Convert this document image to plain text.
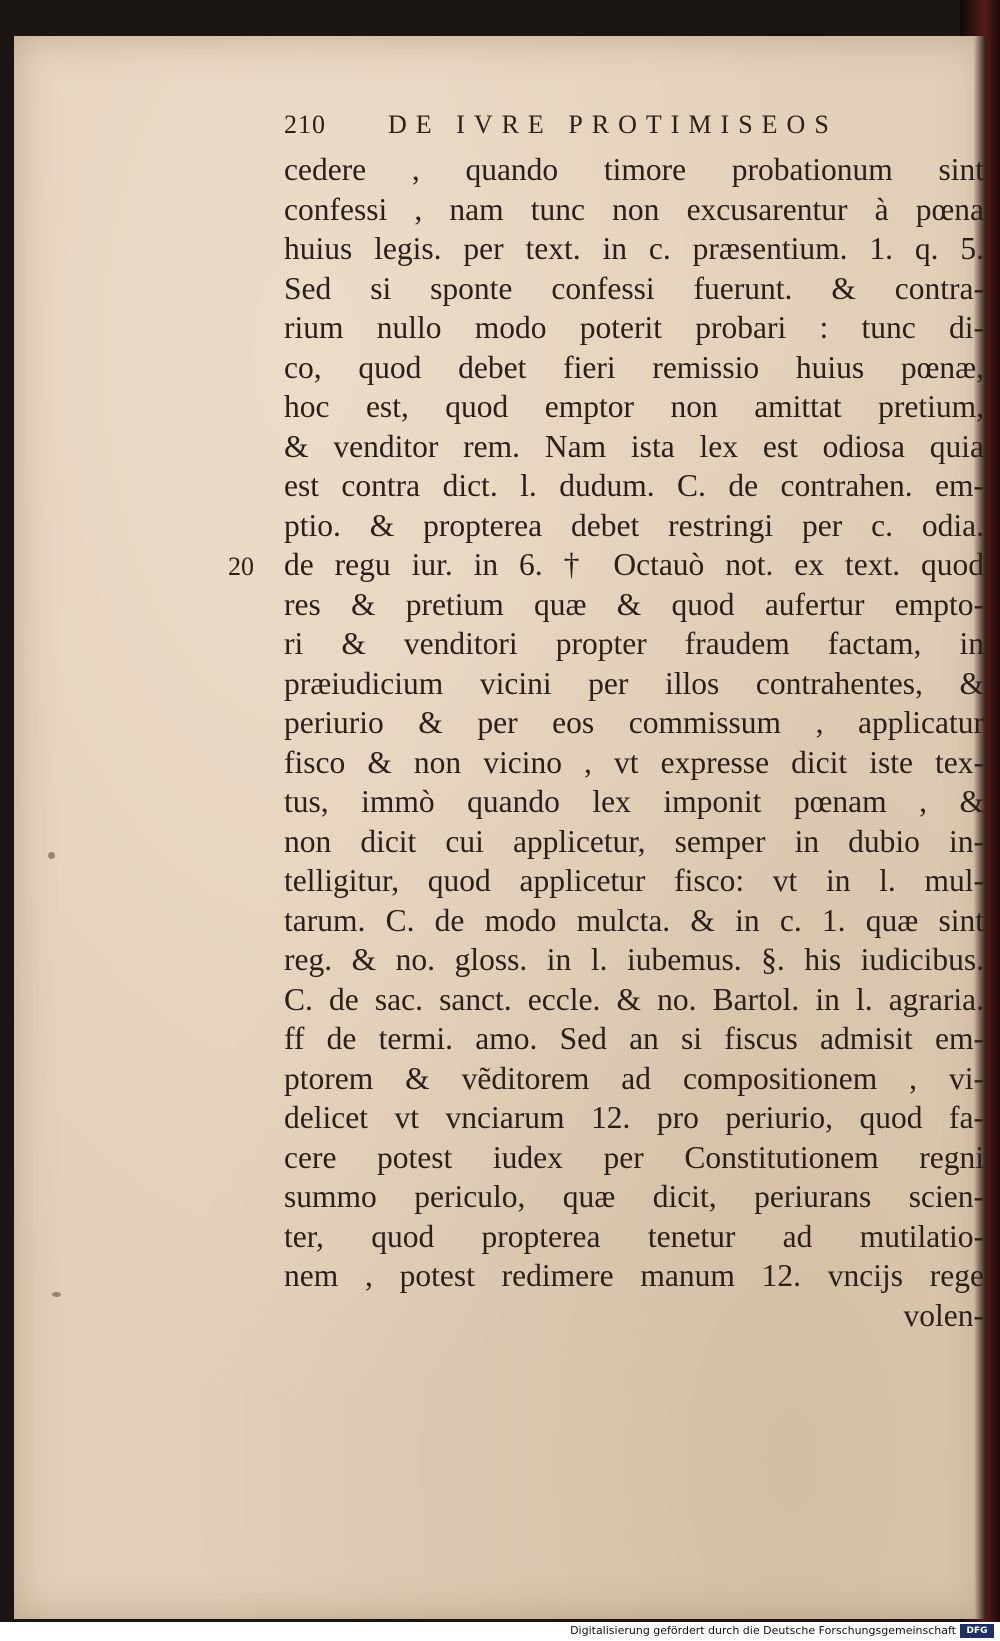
210 DE IVRE PROTIMISEOS
20
cedere , quando timore probationum sint
confessi , nam tunc non excusarentur à pœna
huius legis. per text. in c. præsentium. 1. q. 5.
Sed si sponte confessi fuerunt. & contra-
rium nullo modo poterit probari : tunc di-
co, quod debet fieri remissio huius pœnæ,
hoc est, quod emptor non amittat pretium,
& venditor rem. Nam ista lex est odiosa quia
est contra dict. l. dudum. C. de contrahen. em-
ptio. & propterea debet restringi per c. odia.
de regu iur. in 6. † Octauò not. ex text. quod
res & pretium quæ & quod aufertur empto-
ri & venditori propter fraudem factam, in
præiudicium vicini per illos contrahentes, &
periurio & per eos commissum , applicatur
fisco & non vicino , vt expresse dicit iste tex-
tus, immò quando lex imponit pœnam , &
non dicit cui applicetur, semper in dubio in-
telligitur, quod applicetur fisco: vt in l. mul-
tarum. C. de modo mulcta. & in c. 1. quæ sint
reg. & no. gloss. in l. iubemus. §. his iudicibus.
C. de sac. sanct. eccle. & no. Bartol. in l. agraria.
ff de termi. amo. Sed an si fiscus admisit em-
ptorem & vẽditorem ad compositionem , vi-
delicet vt vnciarum 12. pro periurio, quod fa-
cere potest iudex per Constitutionem regni
summo periculo, quæ dicit, periurans scien-
ter, quod propterea tenetur ad mutilatio-
nem , potest redimere manum 12. vncijs rege
volen-
Digitalisierung gefördert durch die Deutsche Forschungsgemeinschaft	DFG
